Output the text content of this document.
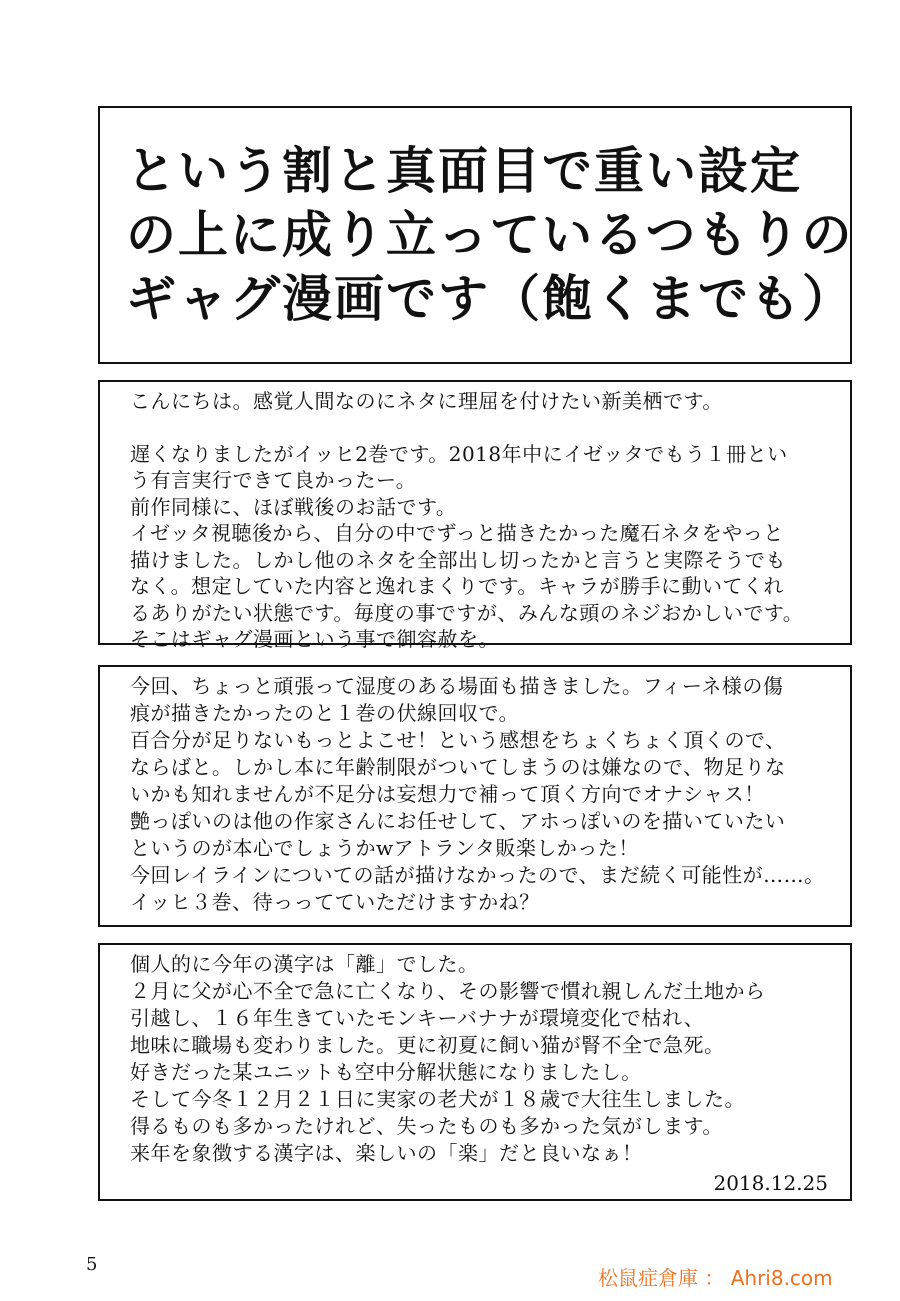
という割と真面目で重い設定
の上に成り立っているつもりの
ギャグ漫画です（飽くまでも）
こんにちは。感覚人間なのにネタに理屈を付けたい新美栖です。
遅くなりましたがイッヒ2巻です。2018年中にイゼッタでもう１冊とい
う有言実行できて良かったー。
前作同様に、ほぼ戦後のお話です。
イゼッタ視聴後から、自分の中でずっと描きたかった魔石ネタをやっと
描けました。しかし他のネタを全部出し切ったかと言うと実際そうでも
なく。想定していた内容と逸れまくりです。キャラが勝手に動いてくれ
るありがたい状態です。毎度の事ですが、みんな頭のネジおかしいです。
そこはギャグ漫画という事で御容赦を。
今回、ちょっと頑張って湿度のある場面も描きました。フィーネ様の傷
痕が描きたかったのと１巻の伏線回収で。
百合分が足りないもっとよこせ！という感想をちょくちょく頂くので、
ならばと。しかし本に年齢制限がついてしまうのは嫌なので、物足りな
いかも知れませんが不足分は妄想力で補って頂く方向でオナシャス！
艶っぽいのは他の作家さんにお任せして、アホっぽいのを描いていたい
というのが本心でしょうかwアトランタ販楽しかった！
今回レイラインについての話が描けなかったので、まだ続く可能性が……。
イッヒ３巻、待っってていただけますかね？
個人的に今年の漢字は「離」でした。
２月に父が心不全で急に亡くなり、その影響で慣れ親しんだ土地から
引越し、１６年生きていたモンキーバナナが環境変化で枯れ、
地味に職場も変わりました。更に初夏に飼い猫が腎不全で急死。
好きだった某ユニットも空中分解状態になりましたし。
そして今冬１２月２１日に実家の老犬が１８歳で大往生しました。
得るものも多かったけれど、失ったものも多かった気がします。
来年を象徴する漢字は、楽しいの「楽」だと良いなぁ！
2018.12.25
5
松鼠症倉庫 ： Ahri8.com
